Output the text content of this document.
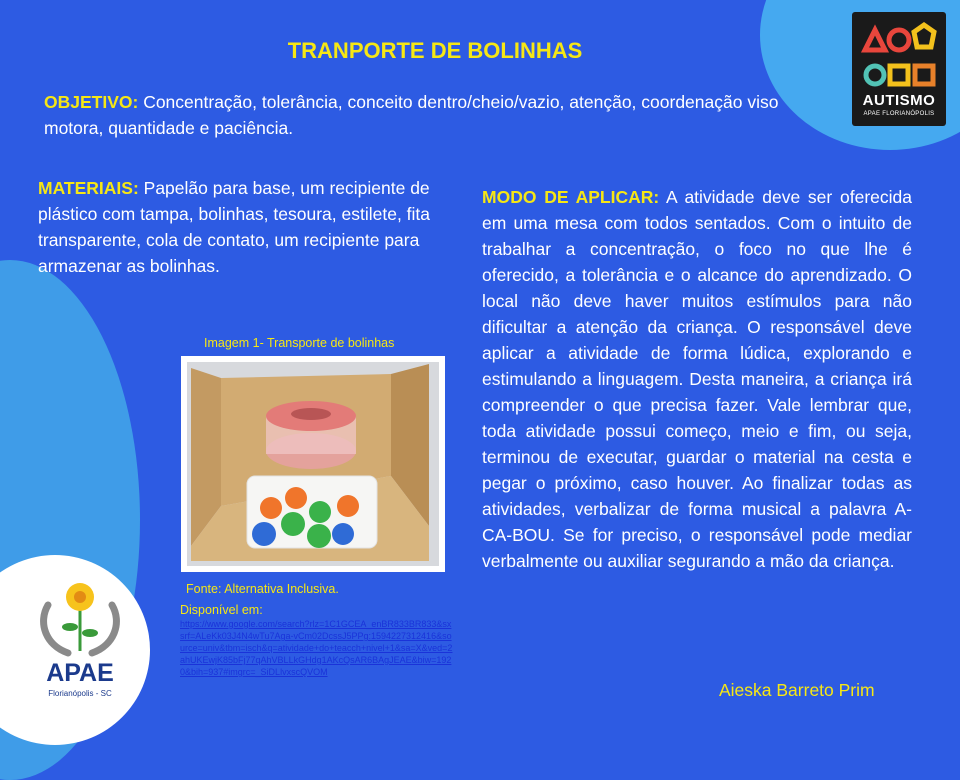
AUTISMO
APAE FLORIANÓPOLIS
TRANPORTE DE BOLINHAS
OBJETIVO: Concentração, tolerância, conceito dentro/cheio/vazio, atenção, coordenação viso motora, quantidade e paciência.
MATERIAIS: Papelão para base, um recipiente de plástico com tampa, bolinhas, tesoura, estilete, fita transparente, cola de contato, um recipiente para armazenar as bolinhas.
MODO DE APLICAR: A atividade deve ser oferecida em uma mesa com todos sentados. Com o intuito de trabalhar a concentração, o foco no que lhe é oferecido, a tolerância e o alcance do aprendizado. O local não deve haver muitos estímulos para não dificultar a atenção da criança. O responsável deve aplicar a atividade de forma lúdica, explorando e estimulando a linguagem. Desta maneira, a criança irá compreender o que precisa fazer. Vale lembrar que, toda atividade possui começo, meio e fim, ou seja, terminou de executar, guardar o material na cesta e pegar o próximo, caso houver. Ao finalizar todas as atividades, verbalizar de forma musical a palavra A-CA-BOU. Se for preciso, o responsável pode mediar verbalmente ou auxiliar segurando a mão da criança.
Imagem 1- Transporte de bolinhas
Fonte: Alternativa Inclusiva.
Disponível em:
https://www.google.com/search?rlz=1C1GCEA_enBR833BR833&sxsrf=ALeKk03J4N4wTu7Aga-vCm02DcssJ5PPg:1594227312416&source=univ&tbm=isch&q=atividade+do+teacch+nivel+1&sa=X&ved=2ahUKEwjK85bFj77qAhVBLLkGHdg1AKcQsAR6BAgJEAE&biw=1920&bih=937#imgrc=_SiDLlvxscQVOM
Aieska Barreto Prim
APAE
Florianópolis - SC
